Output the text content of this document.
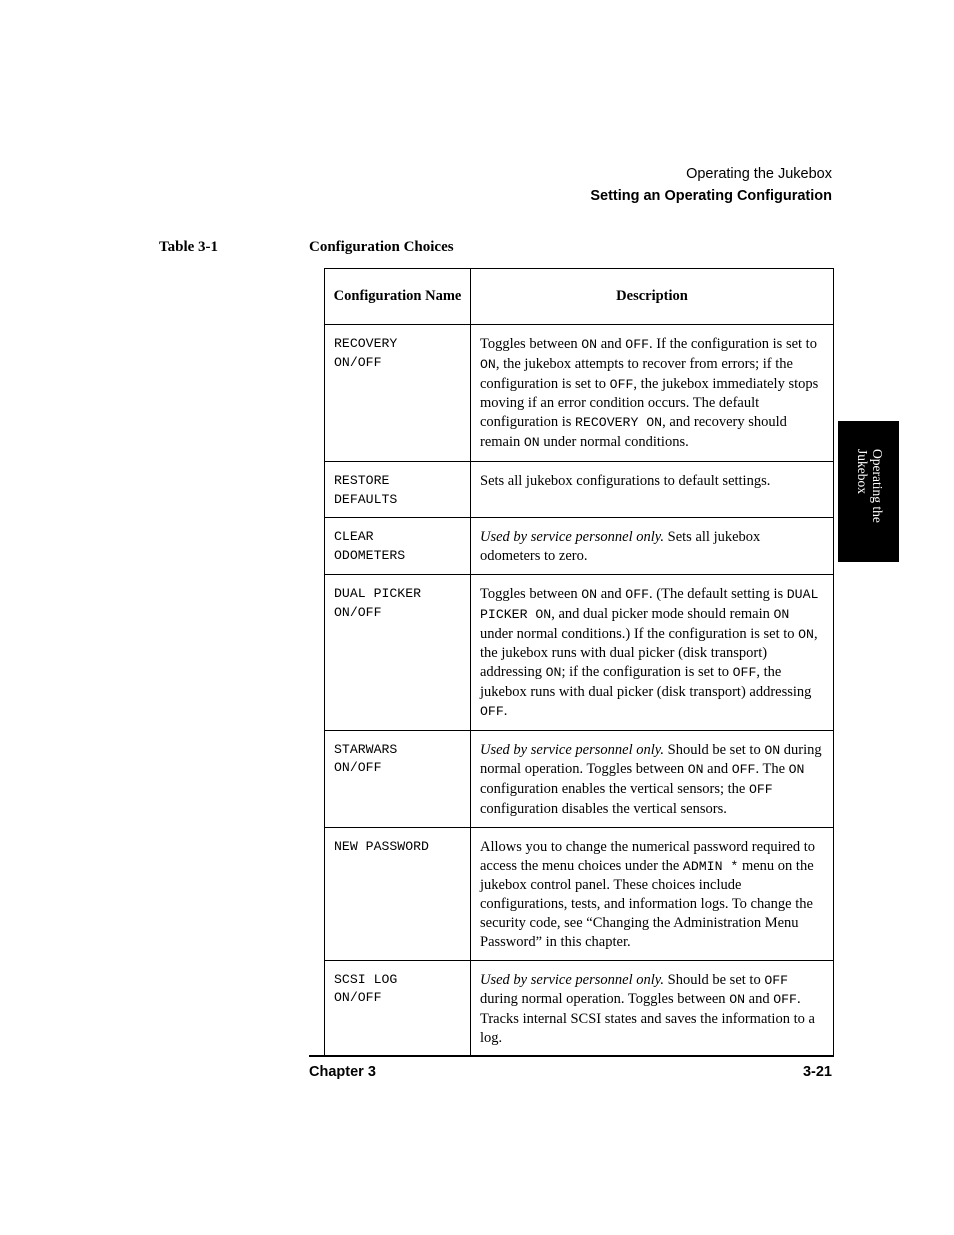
Operating the Jukebox
Setting an Operating Configuration
Table 3-1	Configuration Choices
Configuration Name	Description

RECOVERY
ON/OFF	Toggles between ON and OFF. If the configuration is set to ON, the jukebox attempts to recover from errors; if the configuration is set to OFF, the jukebox immediately stops moving if an error condition occurs. The default configuration is RECOVERY ON, and recovery should remain ON under normal conditions.

RESTORE
DEFAULTS	Sets all jukebox configurations to default settings.

CLEAR
ODOMETERS	Used by service personnel only. Sets all jukebox odometers to zero.

DUAL PICKER
ON/OFF	Toggles between ON and OFF. (The default setting is DUAL PICKER ON, and dual picker mode should remain ON under normal conditions.) If the configuration is set to ON, the jukebox runs with dual picker (disk transport) addressing ON; if the configuration is set to OFF, the jukebox runs with dual picker (disk transport) addressing OFF.

STARWARS
ON/OFF	Used by service personnel only. Should be set to ON during normal operation. Toggles between ON and OFF. The ON configuration enables the vertical sensors; the OFF configuration disables the vertical sensors.

NEW PASSWORD	Allows you to change the numerical password required to access the menu choices under the ADMIN * menu on the jukebox control panel. These choices include configurations, tests, and information logs. To change the security code, see “Changing the Administration Menu Password” in this chapter.

SCSI LOG
ON/OFF	Used by service personnel only. Should be set to OFF during normal operation. Toggles between ON and OFF. Tracks internal SCSI states and saves the information to a log.
Operating the
Jukebox
Chapter 3	3-21
